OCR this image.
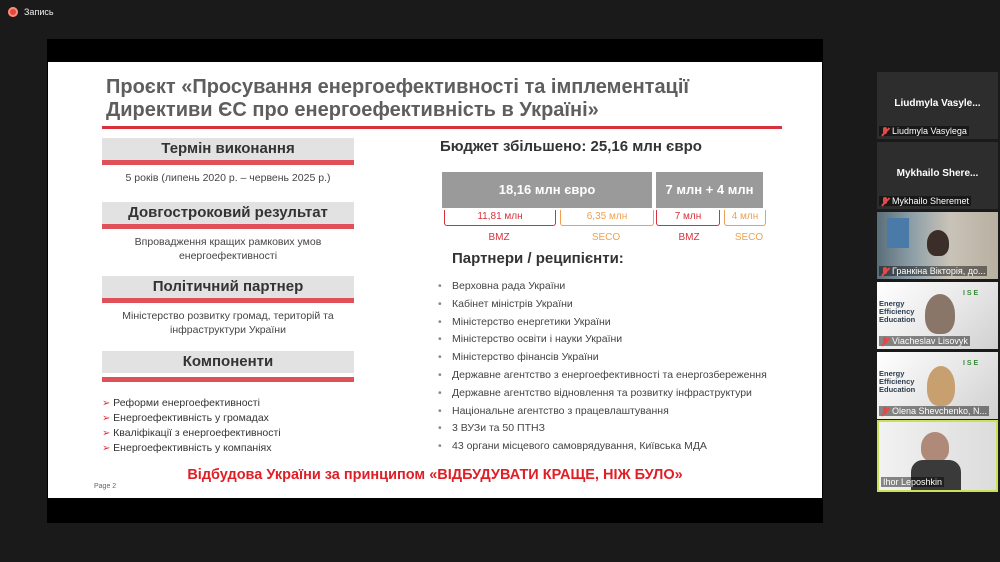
Запись
Проєкт «Просування енергоефективності та імплементації Директиви ЄС про енергоефективність в Україні»
Термін виконання
5 років (липень 2020 р. – червень 2025 р.)
Довгостроковий результат
Впровадження кращих рамкових умов енергоефективності
Політичний партнер
Міністерство розвитку громад, територій та інфраструктури України
Компоненти
➢ Реформи енергоефективності
➢ Енергоефективність у громадах
➢ Кваліфікації з енергоефективності
➢ Енергоефективність у компаніях
Бюджет збільшено: 25,16 млн євро
18,16 млн євро	7 млн + 4 млн
11,81 млн	6,35 млн	7 млн	4 млн
BMZ	SECO	BMZ	SECO
Партнери / реципієнти:
• Верховна рада України
• Кабінет міністрів України
• Міністерство енергетики України
• Міністерство освіти і науки України
• Міністерство фінансів України
• Державне агентство з енергоефективності та енергозбереження
• Державне агентство відновлення та розвитку інфраструктури
• Національне агентство з працевлаштування
• 3 ВУЗи та 50 ПТНЗ
• 43 органи місцевого самоврядування, Київська МДА
Відбудова України за принципом «ВІДБУДУВАТИ КРАЩЕ, НІЖ БУЛО»
Page 2
Liudmyla Vasyle...
Liudmyla Vasylega
Mykhailo Shere...
Mykhailo Sheremet
Гранкіна Вікторія, до...
Energy Efficiency Education
I S E
Viacheslav Lisovyk
Energy Efficiency Education
I S E
Olena Shevchenko, N...
Ihor Leposhkin
